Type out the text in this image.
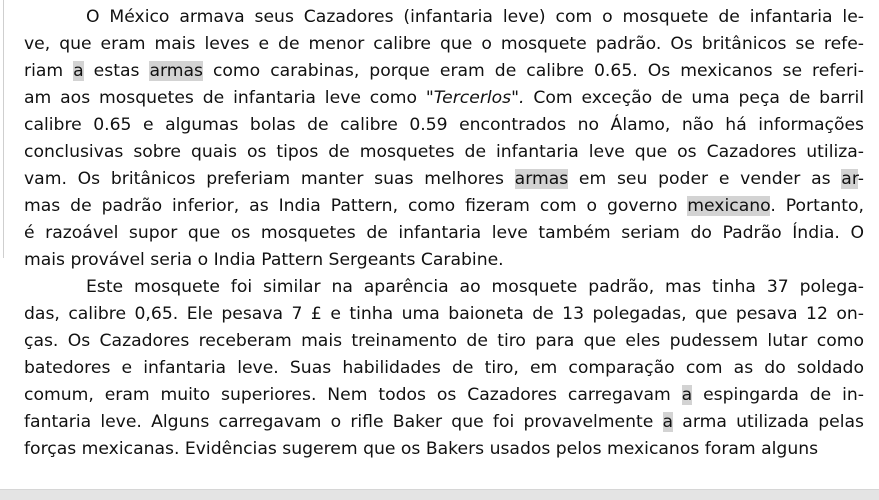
O México armava seus Cazadores (infantaria leve) com o mosquete de infantaria le-
ve, que eram mais leves e de menor calibre que o mosquete padrão. Os britânicos se refe-
riam a estas armas como carabinas, porque eram de calibre 0.65. Os mexicanos se referi-
am aos mosquetes de infantaria leve como "Tercerlos". Com exceção de uma peça de barril
calibre 0.65 e algumas bolas de calibre 0.59 encontrados no Álamo, não há informações
conclusivas sobre quais os tipos de mosquetes de infantaria leve que os Cazadores utiliza-
vam. Os britânicos preferiam manter suas melhores armas em seu poder e vender as ar-
mas de padrão inferior, as India Pattern, como fizeram com o governo mexicano. Portanto,
é razoável supor que os mosquetes de infantaria leve também seriam do Padrão Índia. O
mais provável seria o India Pattern Sergeants Carabine.
Este mosquete foi similar na aparência ao mosquete padrão, mas tinha 37 polega-
das, calibre 0,65. Ele pesava 7 £ e tinha uma baioneta de 13 polegadas, que pesava 12 on-
ças. Os Cazadores receberam mais treinamento de tiro para que eles pudessem lutar como
batedores e infantaria leve. Suas habilidades de tiro, em comparação com as do soldado
comum, eram muito superiores. Nem todos os Cazadores carregavam a espingarda de in-
fantaria leve. Alguns carregavam o rifle Baker que foi provavelmente a arma utilizada pelas
forças mexicanas. Evidências sugerem que os Bakers usados pelos mexicanos foram alguns
